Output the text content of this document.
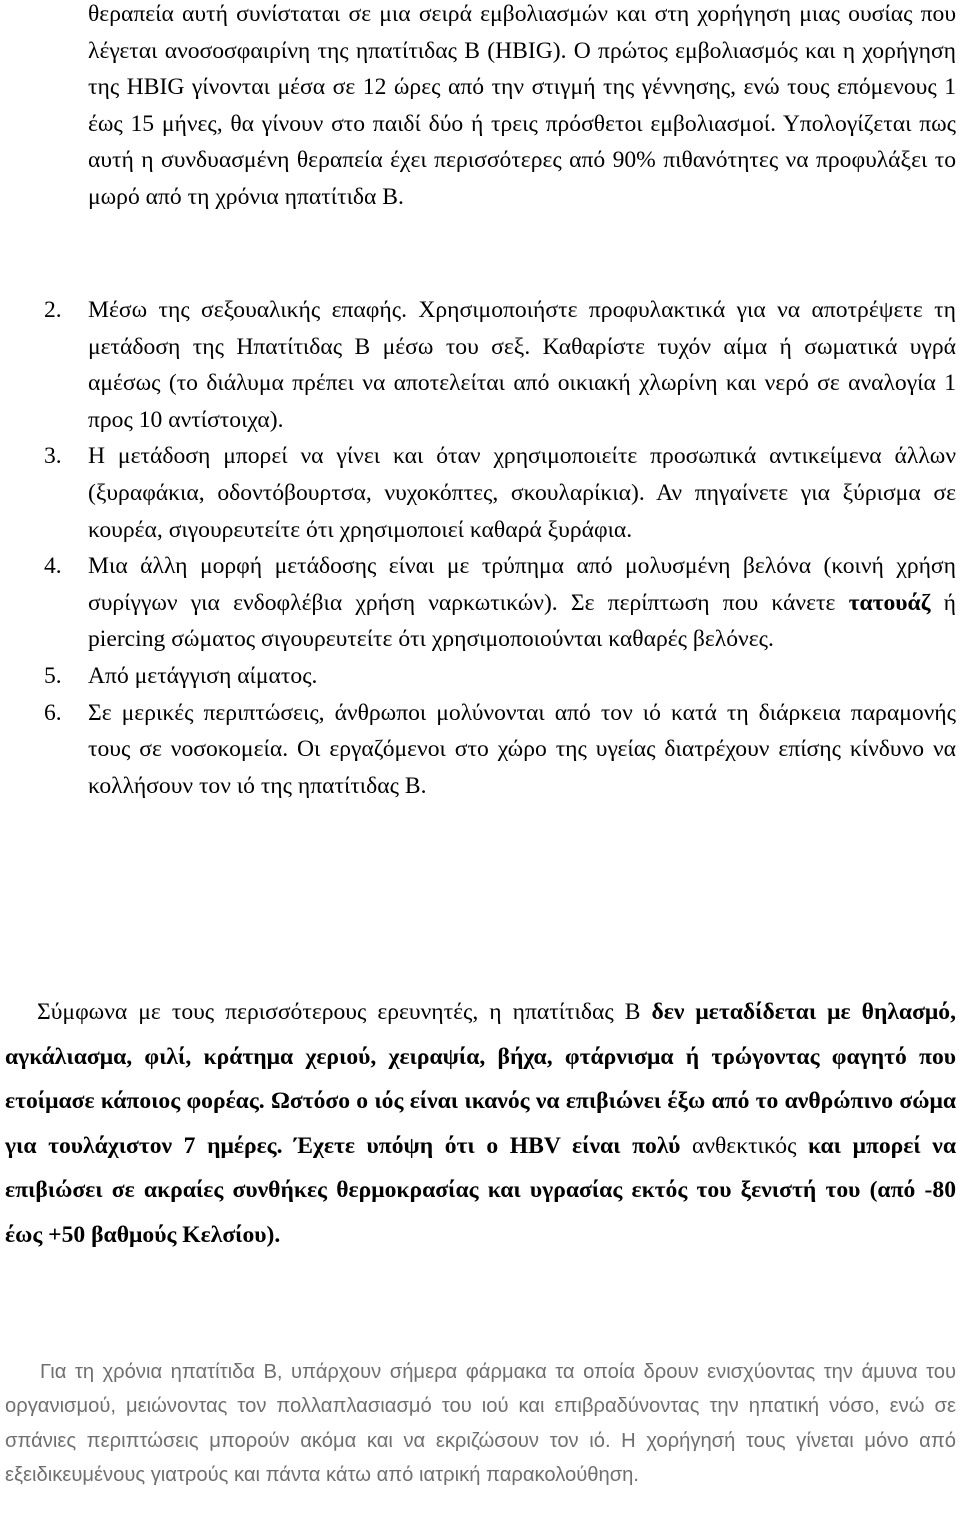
θεραπεία αυτή συνίσταται σε μια σειρά εμβολιασμών και στη χορήγηση μιας ουσίας που λέγεται ανοσοσφαιρίνη της ηπατίτιδας Β (HBIG). Ο πρώτος εμβολιασμός και η χορήγηση της HBIG γίνονται μέσα σε 12 ώρες από την στιγμή της γέννησης, ενώ τους επόμενους 1 έως 15 μήνες, θα γίνουν στο παιδί δύο ή τρεις πρόσθετοι εμβολιασμοί. Υπολογίζεται πως αυτή η συνδυασμένη θεραπεία έχει περισσότερες από 90% πιθανότητες να προφυλάξει το μωρό από τη χρόνια ηπατίτιδα Β.

2.	Μέσω της σεξουαλικής επαφής. Χρησιμοποιήστε προφυλακτικά για να αποτρέψετε τη μετάδοση της Ηπατίτιδας Β μέσω του σεξ. Καθαρίστε τυχόν αίμα ή σωματικά υγρά αμέσως (το διάλυμα πρέπει να αποτελείται από οικιακή χλωρίνη και νερό σε αναλογία 1 προς 10 αντίστοιχα).
3.	Η μετάδοση μπορεί να γίνει και όταν χρησιμοποιείτε προσωπικά αντικείμενα άλλων (ξυραφάκια, οδοντόβουρτσα, νυχοκόπτες, σκουλαρίκια). Αν πηγαίνετε για ξύρισμα σε κουρέα, σιγουρευτείτε ότι χρησιμοποιεί καθαρά ξυράφια.
4.	Μια άλλη μορφή μετάδοσης είναι με τρύπημα από μολυσμένη βελόνα (κοινή χρήση συρίγγων για ενδοφλέβια χρήση ναρκωτικών). Σε περίπτωση που κάνετε τατουάζ ή piercing σώματος σιγουρευτείτε ότι χρησιμοποιούνται καθαρές βελόνες.
5.	Από μετάγγιση αίματος.
6.	Σε μερικές περιπτώσεις, άνθρωποι μολύνονται από τον ιό κατά τη διάρκεια παραμονής τους σε νοσοκομεία. Οι εργαζόμενοι στο χώρο της υγείας διατρέχουν επίσης κίνδυνο να κολλήσουν τον ιό της ηπατίτιδας Β.

Σύμφωνα με τους περισσότερους ερευνητές, η ηπατίτιδας Β δεν μεταδίδεται με θηλασμό, αγκάλιασμα, φιλί, κράτημα χεριού, χειραψία, βήχα, φτάρνισμα ή τρώγοντας φαγητό που ετοίμασε κάποιος φορέας. Ωστόσο ο ιός είναι ικανός να επιβιώνει έξω από το ανθρώπινο σώμα για τουλάχιστον 7 ημέρες. Έχετε υπόψη ότι ο HBV είναι πολύ ανθεκτικός και μπορεί να επιβιώσει σε ακραίες συνθήκες θερμοκρασίας και υγρασίας εκτός του ξενιστή του (από -80 έως +50 βαθμούς Κελσίου).

Για τη χρόνια ηπατίτιδα Β, υπάρχουν σήμερα φάρμακα τα οποία δρουν ενισχύοντας την άμυνα του οργανισμού, μειώνοντας τον πολλαπλασιασμό του ιού και επιβραδύνοντας την ηπατική νόσο, ενώ σε σπάνιες περιπτώσεις μπορούν ακόμα και να εκριζώσουν τον ιό. Η χορήγησή τους γίνεται μόνο από εξειδικευμένους γιατρούς και πάντα κάτω από ιατρική παρακολούθηση.
